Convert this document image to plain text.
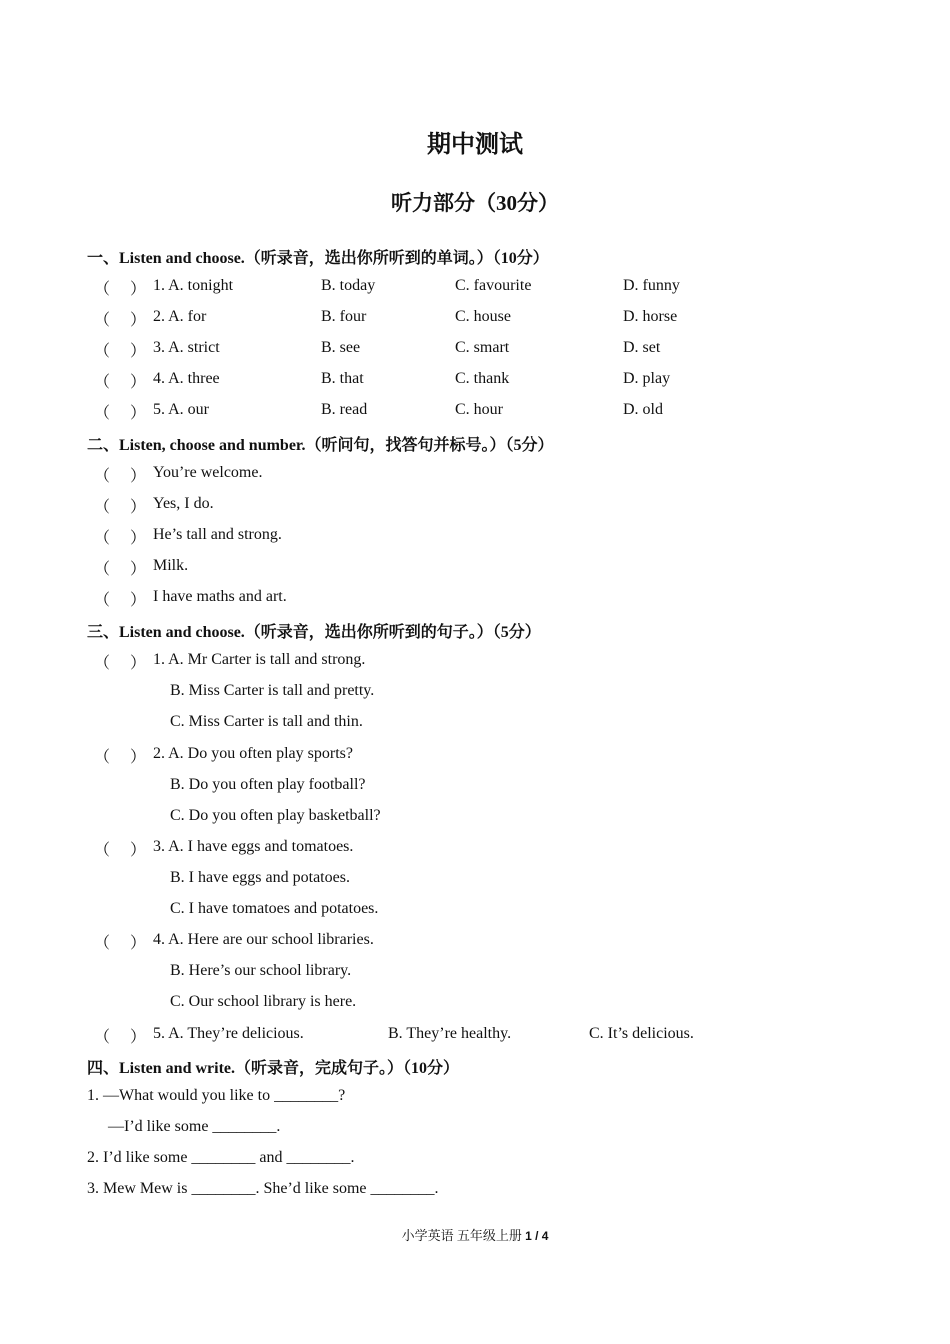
期中测试
听力部分（30分）
一、Listen and choose.（听录音，选出你所听到的单词。）（10分）
（ ） 1. A. tonight	B. today	C. favourite	D. funny
（ ） 2. A. for	B. four	C. house	D. horse
（ ） 3. A. strict	B. see	C. smart	D. set
（ ） 4. A. three	B. that	C. thank	D. play
（ ） 5. A. our	B. read	C. hour	D. old
二、Listen, choose and number.（听问句，找答句并标号。）（5分）
（ ） You’re welcome.
（ ） Yes, I do.
（ ） He’s tall and strong.
（ ） Milk.
（ ） I have maths and art.
三、Listen and choose.（听录音，选出你所听到的句子。）（5分）
（ ） 1. A. Mr Carter is tall and strong.
B. Miss Carter is tall and pretty.
C. Miss Carter is tall and thin.
（ ） 2. A. Do you often play sports?
B. Do you often play football?
C. Do you often play basketball?
（ ） 3. A. I have eggs and tomatoes.
B. I have eggs and potatoes.
C. I have tomatoes and potatoes.
（ ） 4. A. Here are our school libraries.
B. Here’s our school library.
C. Our school library is here.
（ ） 5. A. They’re delicious.	B. They’re healthy.	C. It’s delicious.
四、Listen and write.（听录音，完成句子。）（10分）
1. —What would you like to ________?
—I’d like some ________.
2. I’d like some ________ and ________.
3. Mew Mew is ________. She’d like some ________.
小学英语 五年级上册 1 / 4
